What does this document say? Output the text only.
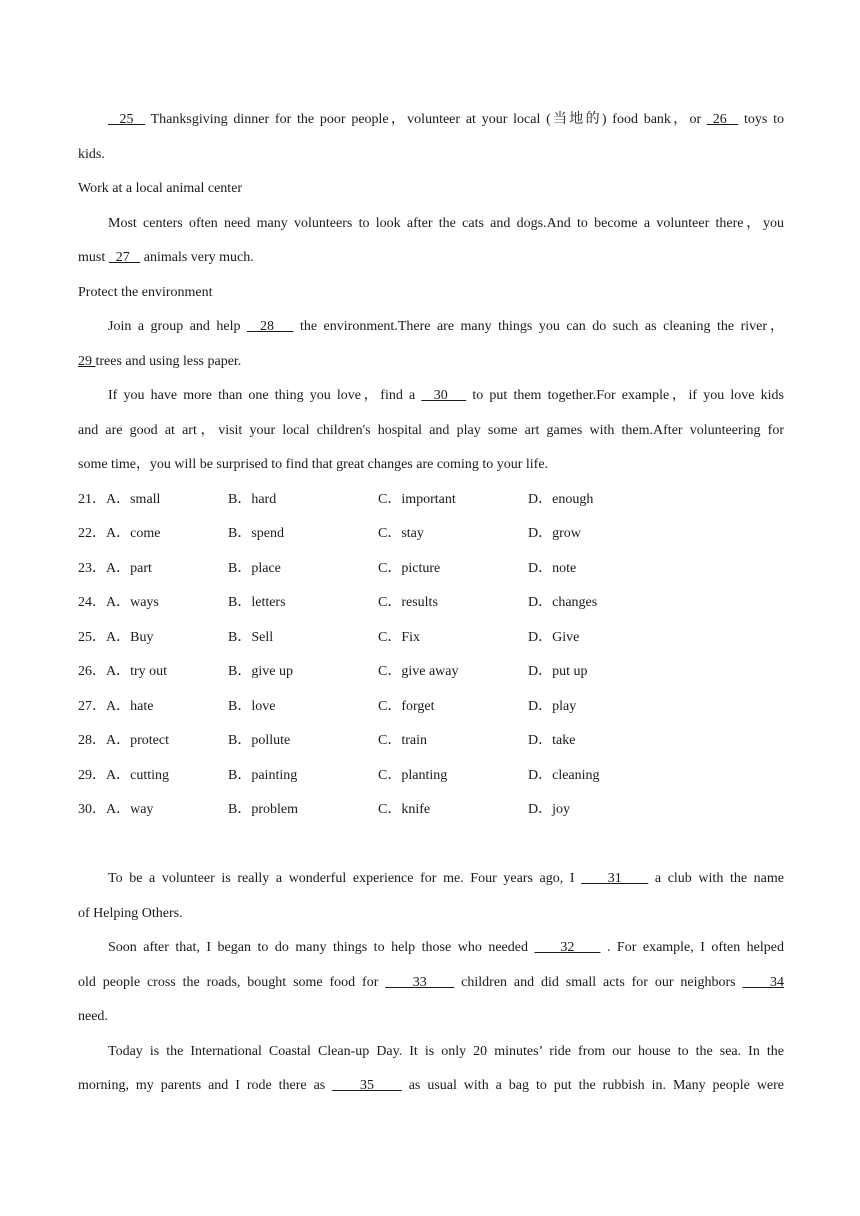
25   Thanksgiving dinner for the poor people，volunteer at your local (当地的) food bank，or  26   toys to
kids.
Work at a local animal center
Most centers often need many volunteers to look after the cats and dogs.And to become a volunteer there，you
must   27    animals very much.
Protect the environment
Join a group and help   28    the environment.There are many things you can do such as cleaning the river，
29 trees and using less paper.
If you have more than one thing you love，find a   30    to put them together.For example，if you love kids
and are good at art，visit your local children's hospital and play some art games with them.After volunteering for
some time，you will be surprised to find that great changes are coming to your life.
21．A．small	B．hard	C．important	D．enough
22．A．come	B．spend	C．stay	D．grow
23．A．part	B．place	C．picture	D．note
24．A．ways	B．letters	C．results	D．changes
25．A．Buy	B．Sell	C．Fix	D．Give
26．A．try out	B．give up	C．give away	D．put up
27．A．hate	B．love	C．forget	D．play
28．A．protect	B．pollute	C．train	D．take
29．A．cutting	B．painting	C．planting	D．cleaning
30．A．way	B．problem	C．knife	D．joy
To be a volunteer is really a wonderful experience for me. Four years ago, I     31     a club with the name
of Helping Others.
Soon after that, I began to do many things to help those who needed     32     . For example, I often helped
old people cross the roads, bought some food for     33     children and did small acts for our neighbors     34
need.
Today is the International Coastal Clean-up Day. It is only 20 minutes’ ride from our house to the sea. In the
morning, my parents and I rode there as     35     as usual with a bag to put the rubbish in. Many people were
